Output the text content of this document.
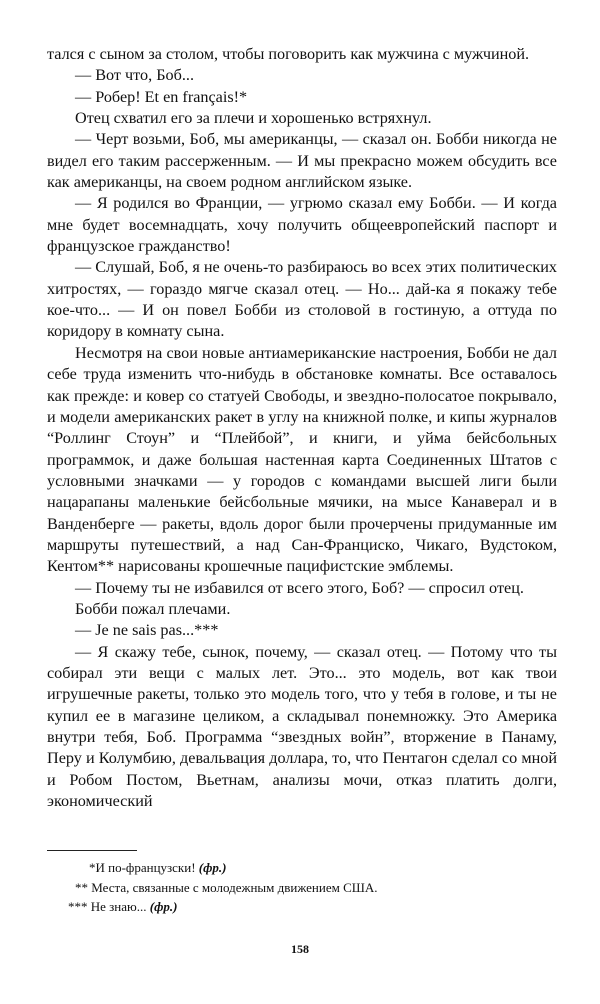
тался с сыном за столом, чтобы поговорить как мужчина с мужчиной.

— Вот что, Боб...

— Робер! Et en français!*

Отец схватил его за плечи и хорошенько встряхнул.

— Черт возьми, Боб, мы американцы, — сказал он. Бобби никогда не видел его таким рассерженным. — И мы прекрасно можем обсудить все как американцы, на своем родном английском языке.

— Я родился во Франции, — угрюмо сказал ему Бобби. — И когда мне будет восемнадцать, хочу получить общеевропейский паспорт и французское гражданство!

— Слушай, Боб, я не очень-то разбираюсь во всех этих политических хитростях, — гораздо мягче сказал отец. — Но... дай-ка я покажу тебе кое-что... — И он повел Бобби из столовой в гостиную, а оттуда по коридору в комнату сына.

Несмотря на свои новые антиамериканские настроения, Бобби не дал себе труда изменить что-нибудь в обстановке комнаты. Все оставалось как прежде: и ковер со статуей Свободы, и звездно-полосатое покрывало, и модели американских ракет в углу на книжной полке, и кипы журналов “Роллинг Стоун” и “Плейбой”, и книги, и уйма бейсбольных программок, и даже большая настенная карта Соединенных Штатов с условными значками — у городов с командами высшей лиги были нацарапаны маленькие бейсбольные мячики, на мысе Канаверал и в Ванденберге — ракеты, вдоль дорог были прочерчены придуманные им маршруты путешествий, а над Сан-Франциско, Чикаго, Вудстоком, Кентом** нарисованы крошечные пацифистские эмблемы.

— Почему ты не избавился от всего этого, Боб? — спросил отец.

Бобби пожал плечами.

— Je ne sais pas...***

— Я скажу тебе, сынок, почему, — сказал отец. — Потому что ты собирал эти вещи с малых лет. Это... это модель, вот как твои игрушечные ракеты, только это модель того, что у тебя в голове, и ты не купил ее в магазине целиком, а складывал понемножку. Это Америка внутри тебя, Боб. Программа “звездных войн”, вторжение в Панаму, Перу и Колумбию, девальвация доллара, то, что Пентагон сделал со мной и Робом Постом, Вьетнам, анализы мочи, отказ платить долги, экономический

*И по-французски! (фр.)

** Места, связанные с молодежным движением США.

*** Не знаю... (фр.)

158
